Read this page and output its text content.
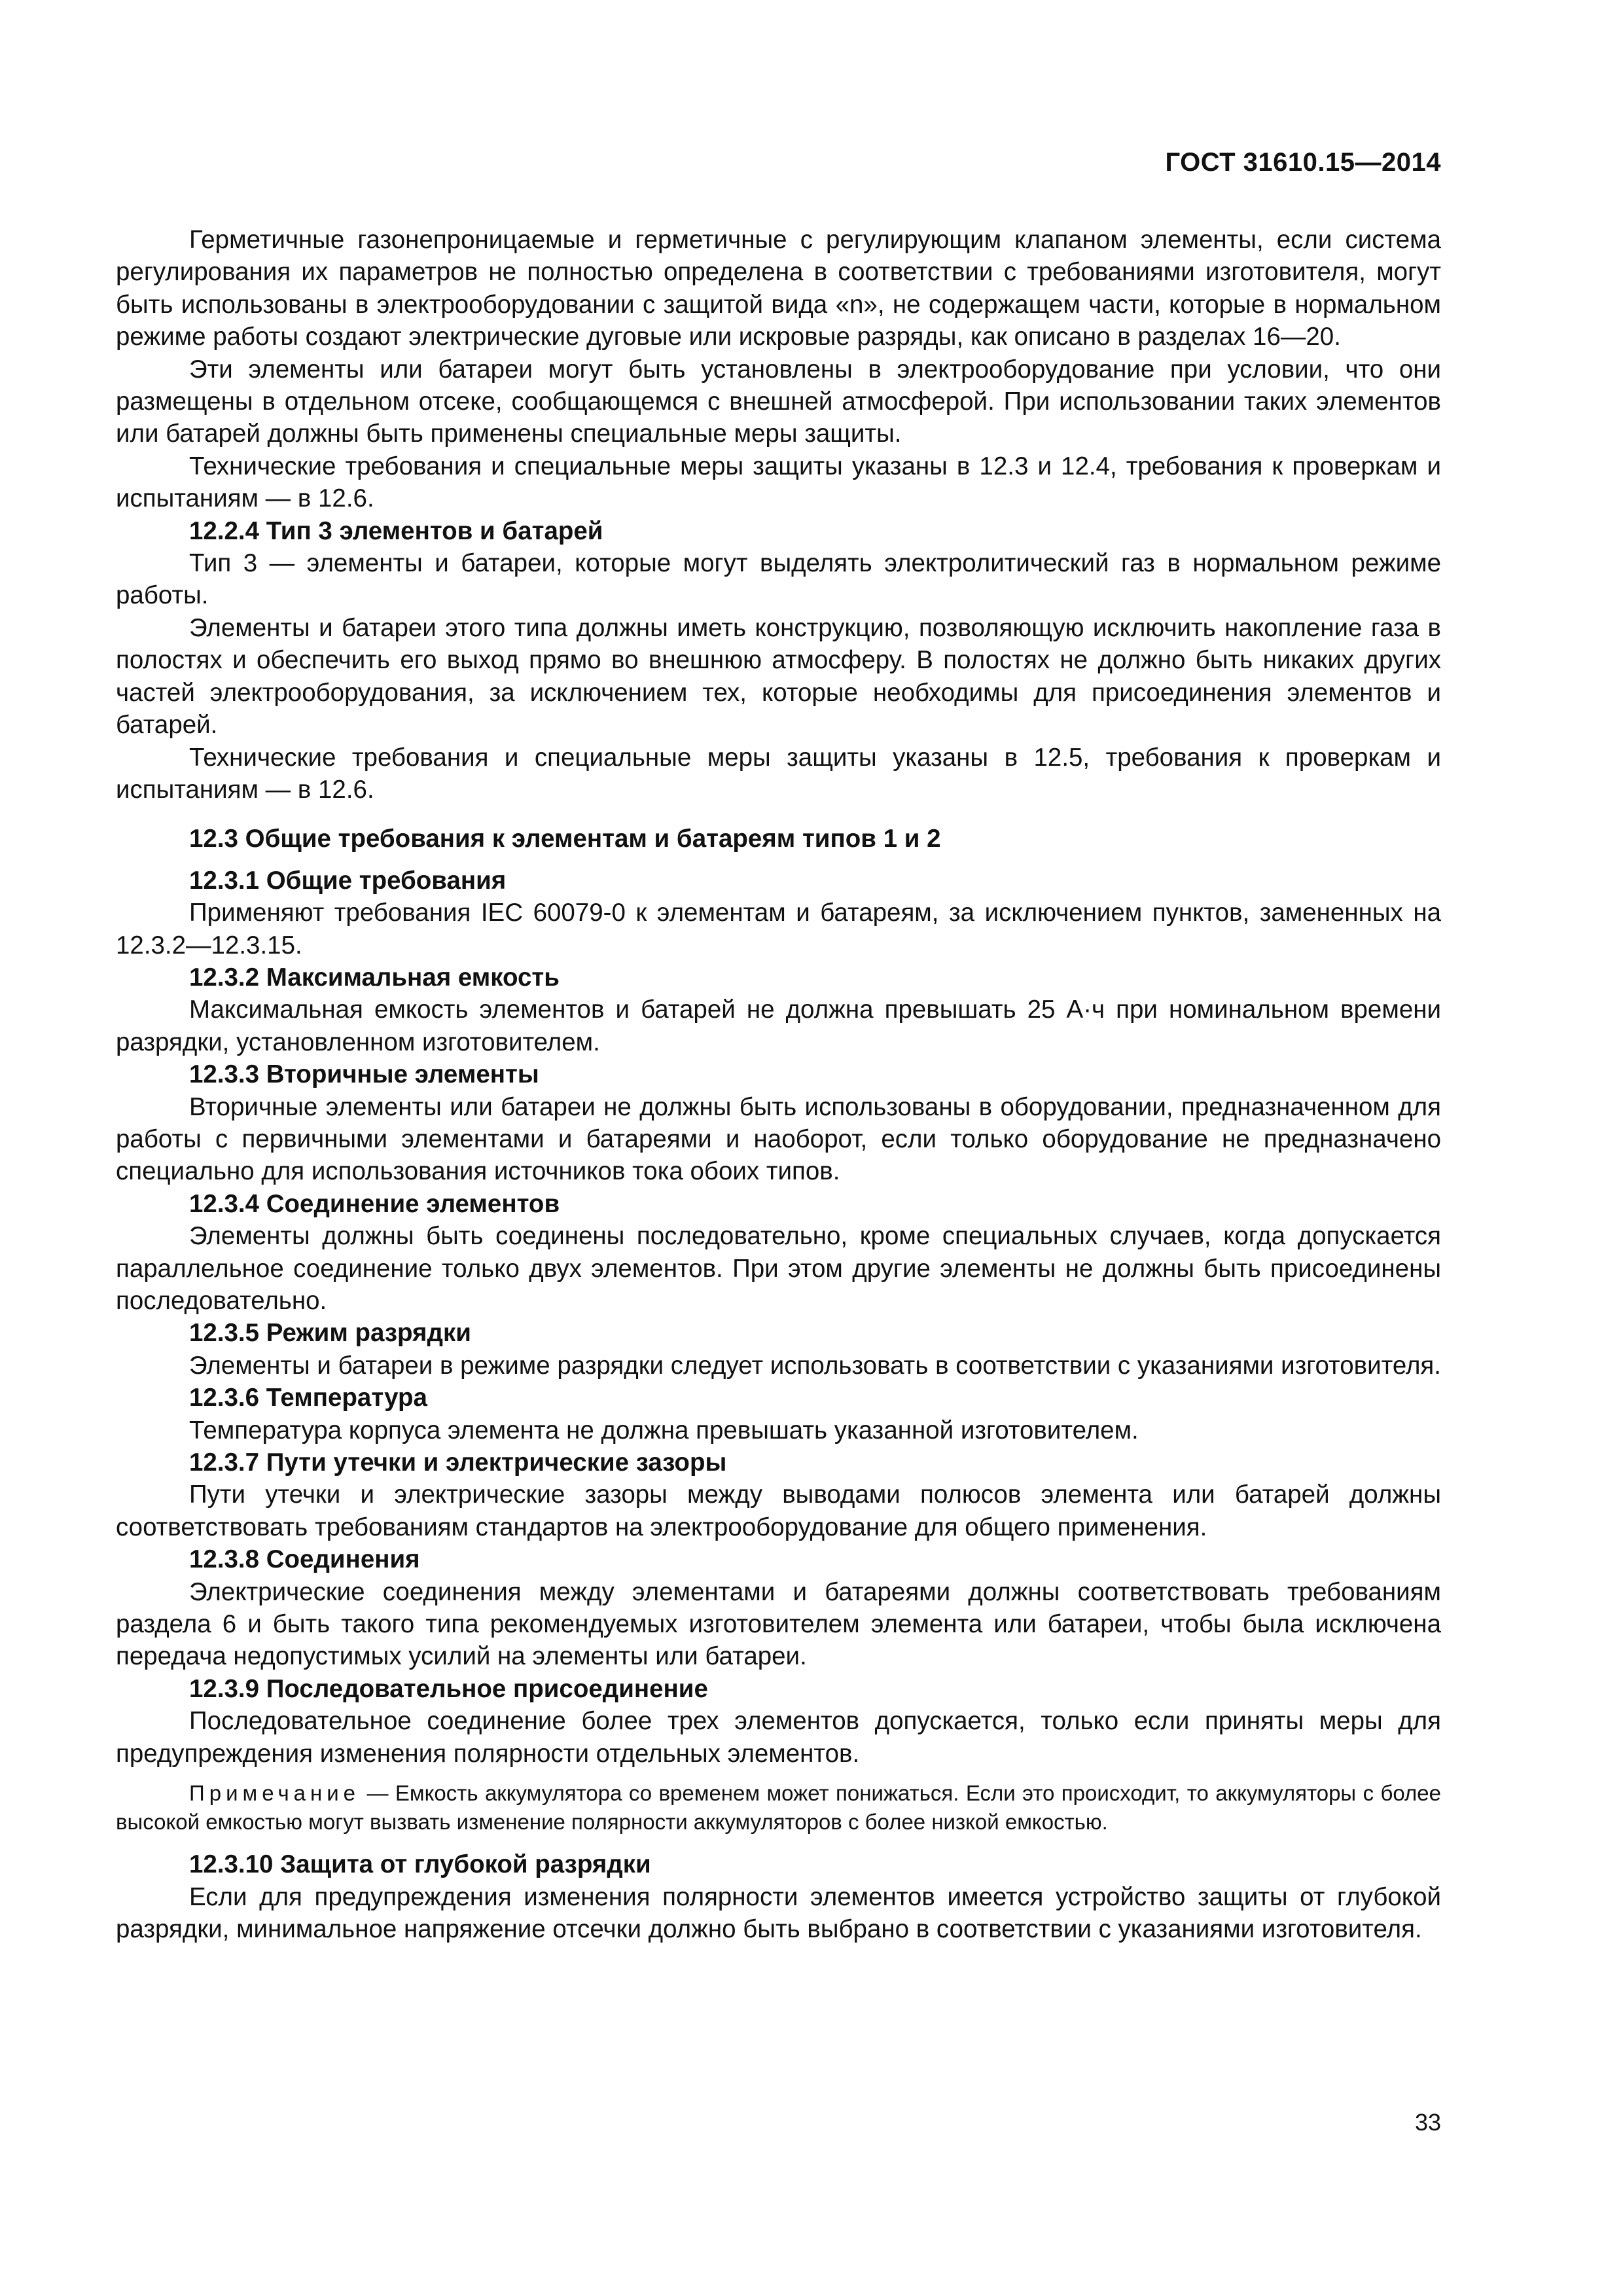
ГОСТ 31610.15—2014

Герметичные газонепроницаемые и герметичные с регулирующим клапаном элементы, если система регулирования их параметров не полностью определена в соответствии с требованиями изготовителя, могут быть использованы в электрооборудовании с защитой вида «n», не содержащем части, которые в нормальном режиме работы создают электрические дуговые или искровые разряды, как описано в разделах 16—20.

Эти элементы или батареи могут быть установлены в электрооборудование при условии, что они размещены в отдельном отсеке, сообщающемся с внешней атмосферой. При использовании таких элементов или батарей должны быть применены специальные меры защиты.

Технические требования и специальные меры защиты указаны в 12.3 и 12.4, требования к проверкам и испытаниям — в 12.6.

12.2.4 Тип 3 элементов и батарей

Тип 3 — элементы и батареи, которые могут выделять электролитический газ в нормальном режиме работы.

Элементы и батареи этого типа должны иметь конструкцию, позволяющую исключить накопление газа в полостях и обеспечить его выход прямо во внешнюю атмосферу. В полостях не должно быть никаких других частей электрооборудования, за исключением тех, которые необходимы для присоединения элементов и батарей.

Технические требования и специальные меры защиты указаны в 12.5, требования к проверкам и испытаниям — в 12.6.

12.3 Общие требования к элементам и батареям типов 1 и 2

12.3.1 Общие требования

Применяют требования IEC 60079-0 к элементам и батареям, за исключением пунктов, замененных на 12.3.2—12.3.15.

12.3.2 Максимальная емкость

Максимальная емкость элементов и батарей не должна превышать 25 А·ч при номинальном времени разрядки, установленном изготовителем.

12.3.3 Вторичные элементы

Вторичные элементы или батареи не должны быть использованы в оборудовании, предназначенном для работы с первичными элементами и батареями и наоборот, если только оборудование не предназначено специально для использования источников тока обоих типов.

12.3.4 Соединение элементов

Элементы должны быть соединены последовательно, кроме специальных случаев, когда допускается параллельное соединение только двух элементов. При этом другие элементы не должны быть присоединены последовательно.

12.3.5 Режим разрядки

Элементы и батареи в режиме разрядки следует использовать в соответствии с указаниями изготовителя.

12.3.6 Температура

Температура корпуса элемента не должна превышать указанной изготовителем.

12.3.7 Пути утечки и электрические зазоры

Пути утечки и электрические зазоры между выводами полюсов элемента или батарей должны соответствовать требованиям стандартов на электрооборудование для общего применения.

12.3.8 Соединения

Электрические соединения между элементами и батареями должны соответствовать требованиям раздела 6 и быть такого типа рекомендуемых изготовителем элемента или батареи, чтобы была исключена передача недопустимых усилий на элементы или батареи.

12.3.9 Последовательное присоединение

Последовательное соединение более трех элементов допускается, только если приняты меры для предупреждения изменения полярности отдельных элементов.

Примечание — Емкость аккумулятора со временем может понижаться. Если это происходит, то аккумуляторы с более высокой емкостью могут вызвать изменение полярности аккумуляторов с более низкой емкостью.

12.3.10 Защита от глубокой разрядки

Если для предупреждения изменения полярности элементов имеется устройство защиты от глубокой разрядки, минимальное напряжение отсечки должно быть выбрано в соответствии с указаниями изготовителя.

33
